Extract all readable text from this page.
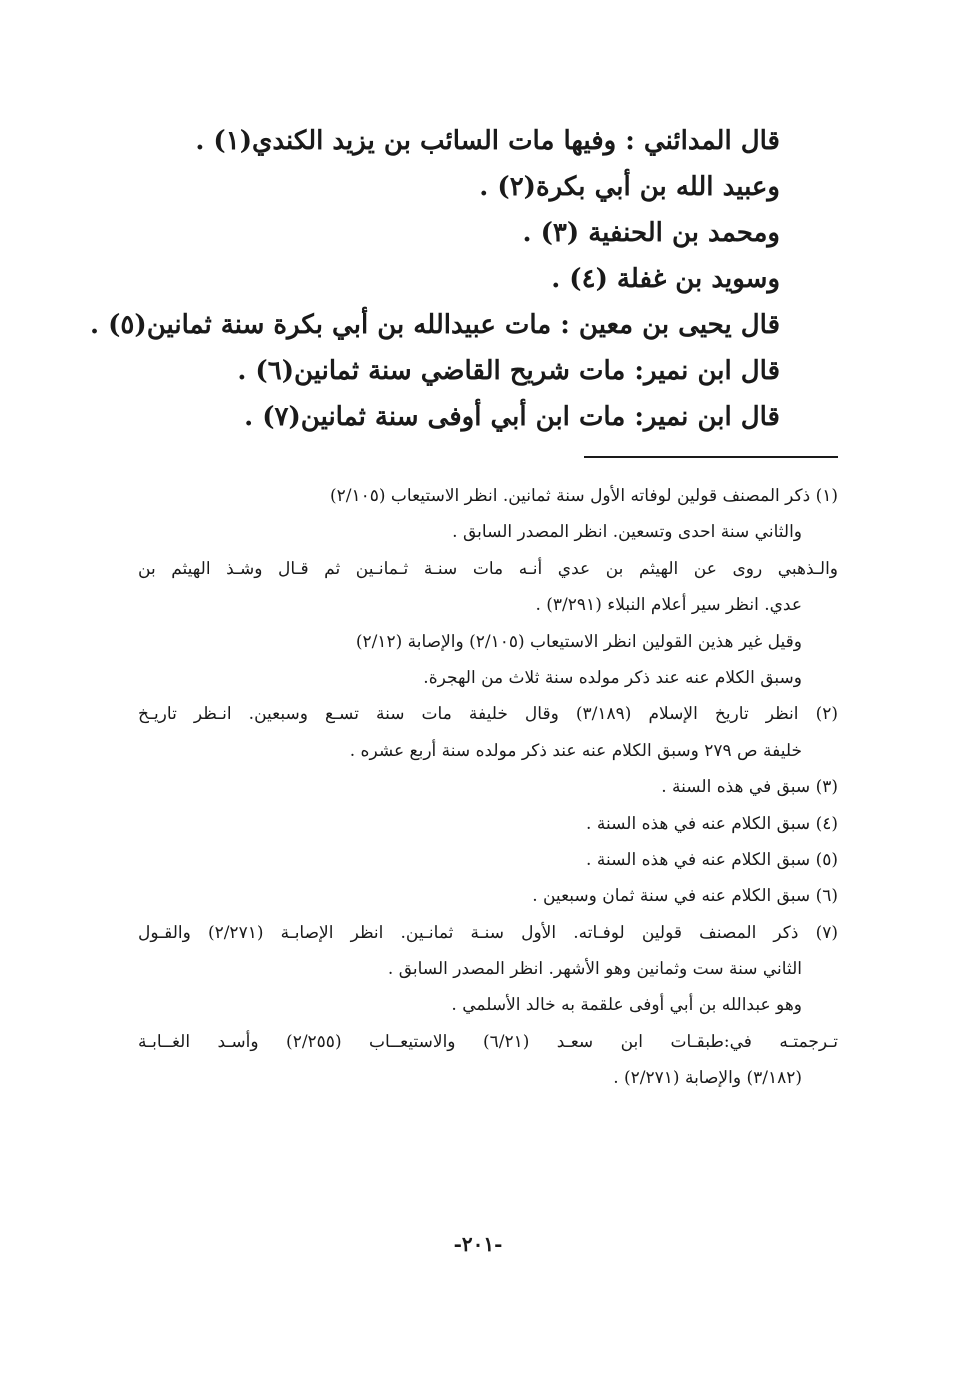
قال المدائني : وفيها مات السائب بن يزيد الكندي(١) .
وعبيد الله بن أبي بكرة(٢) .
ومحمد بن الحنفية (٣) .
وسويد بن غفلة (٤) .
قال يحيى بن معين : مات عبيدالله بن أبي بكرة سنة ثمانين(٥) .
قال ابن نمير: مات شريح القاضي سنة ثمانين(٦) .
قال ابن نمير: مات ابن أبي أوفى سنة ثمانين(٧) .
(١) ذكر المصنف قولين لوفاته الأول سنة ثمانين. انظر الاستيعاب (٢/١٠٥)
والثاني سنة احدى وتسعين. انظر المصدر السابق .
والـذهبي روى عن الهيثم بن عدي أنـه مات سنـة ثـمانـين ثم قـال وشـذ الهيثم بن
عدي. انظر سير أعلام النبلاء (٣/٢٩١) .
وقيل غير هذين القولين انظر الاستيعاب (٢/١٠٥) والإصابة (٢/١٢)
وسبق الكلام عنه عند ذكر مولده سنة ثلاث من الهجرة.
(٢) انظر تاريخ الإسلام (٣/١٨٩) وقال خليفة مات سنة تسـع وسبعين. انـظر تاريـخ
خليفة ص ٢٧٩ وسبق الكلام عنه عند ذكر مولده سنة أربع عشره .
(٣) سبق في هذه السنة .
(٤) سبق الكلام عنه في هذه السنة .
(٥) سبق الكلام عنه في هذه السنة .
(٦) سبق الكلام عنه في سنة ثمان وسبعين .
(٧) ذكر المصنف قولين لوفـاته. الأول سنـة ثمانـين. انظر الإصابـة (٢/٢٧١) والقـول
الثاني سنة ست وثمانين وهو الأشهر. انظر المصدر السابق .
وهو عبدالله بن أبي أوفى علقمة به خالد الأسلمي .
تـرجمتـه في:طبقـات ابن سعـد (٦/٢١) والاستيعــاب (٢/٢٥٥) وأسـد الغــابـة
(٣/١٨٢) والإصابة (٢/٢٧١) .
-٢٠١-
